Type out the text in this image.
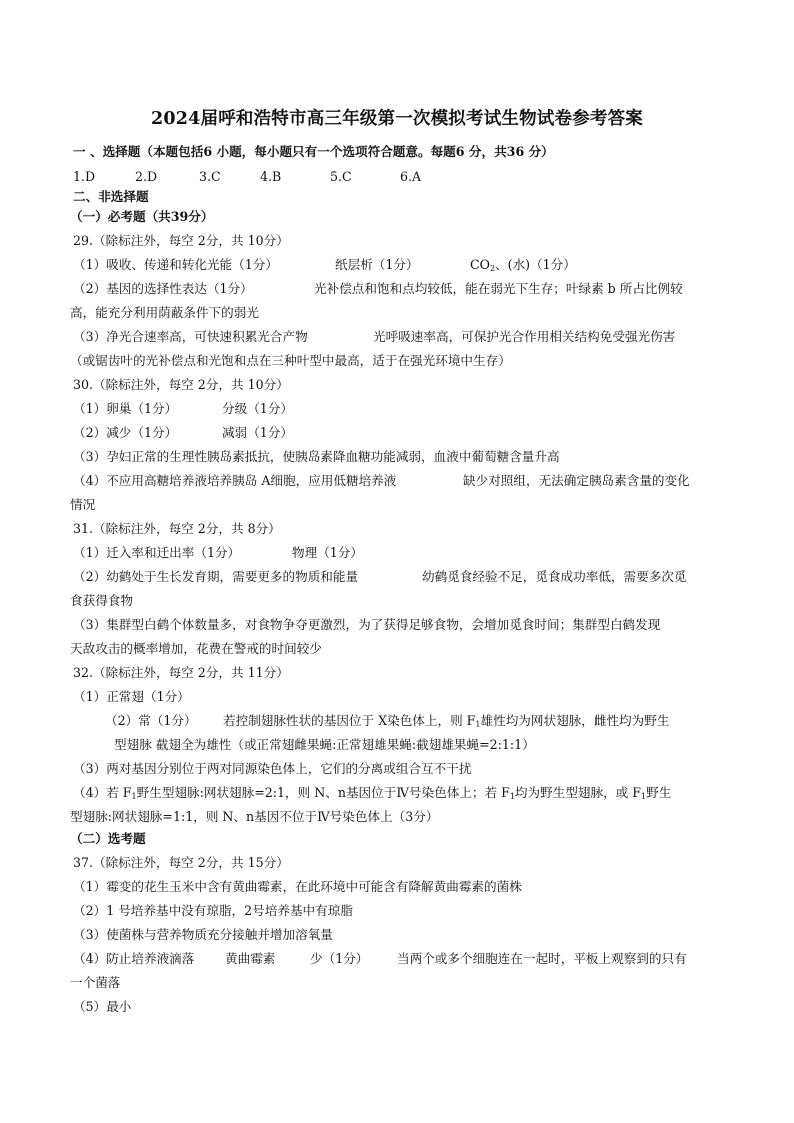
2024届呼和浩特市高三年级第一次模拟考试生物试卷参考答案
一 、选择题（本题包括6 小题，每小题只有一个选项符合题意。每题6 分，共36 分）
1.D	2.D	3.C	4.B	5.C	6.A
二、非选择题
（一）必考题（共39分）
29.（除标注外，每空 2分，共 10分）
（1）吸收、传递和转化光能（1分）	纸层析（1分）	$CO_2$、(水)（1分）
（2）基因的选择性表达（1分）	光补偿点和饱和点均较低，能在弱光下生存；叶绿素 b 所占比例较
高，能充分利用荫蔽条件下的弱光
（3）净光合速率高，可快速积累光合产物	光呼吸速率高，可保护光合作用相关结构免受强光伤害
（或锯齿叶的光补偿点和光饱和点在三种叶型中最高，适于在强光环境中生存）
30.（除标注外，每空 2分，共 10分）
（1）卵巢（1分）	分级（1分）
（2）减少（1分）	减弱（1分）
（3）孕妇正常的生理性胰岛素抵抗，使胰岛素降血糖功能减弱，血液中葡萄糖含量升高
（4）不应用高糖培养液培养胰岛 A细胞，应用低糖培养液	缺少对照组，无法确定胰岛素含量的变化
情况
31.（除标注外，每空 2分，共 8分）
（1）迁入率和迁出率（1分）	物理（1分）
（2）幼鹤处于生长发育期，需要更多的物质和能量	幼鹤觅食经验不足，觅食成功率低，需要多次觅
食获得食物
（3）集群型白鹤个体数量多，对食物争夺更激烈，为了获得足够食物，会增加觅食时间；集群型白鹤发现
天敌攻击的概率增加，花费在警戒的时间较少
32.（除标注外，每空 2分，共 11分）
（1）正常翅（1分）
（2）常（1分） 若控制翅脉性状的基因位于 X染色体上，则 $F_1$雄性均为网状翅脉，雌性均为野生
型翅脉 截翅全为雄性（或正常翅雌果蝇:正常翅雄果蝇:截翅雄果蝇=2:1:1）
（3）两对基因分别位于两对同源染色体上，它们的分离或组合互不干扰
（4）若 $F_1$野生型翅脉:网状翅脉=2:1，则 N、n基因位于Ⅳ号染色体上；若 $F_1$均为野生型翅脉，或 $F_1$野生
型翅脉:网状翅脉=1:1，则 N、n基因不位于Ⅳ号染色体上（3分）
（二）选考题
37.（除标注外，每空 2分，共 15分）
（1）霉变的花生玉米中含有黄曲霉素，在此环境中可能含有降解黄曲霉素的菌株
（2）1 号培养基中没有琼脂，2号培养基中有琼脂
（3）使菌株与营养物质充分接触并增加溶氧量
（4）防止培养液滴落 黄曲霉素	少（1分） 当两个或多个细胞连在一起时，平板上观察到的只有
一个菌落
（5）最小
